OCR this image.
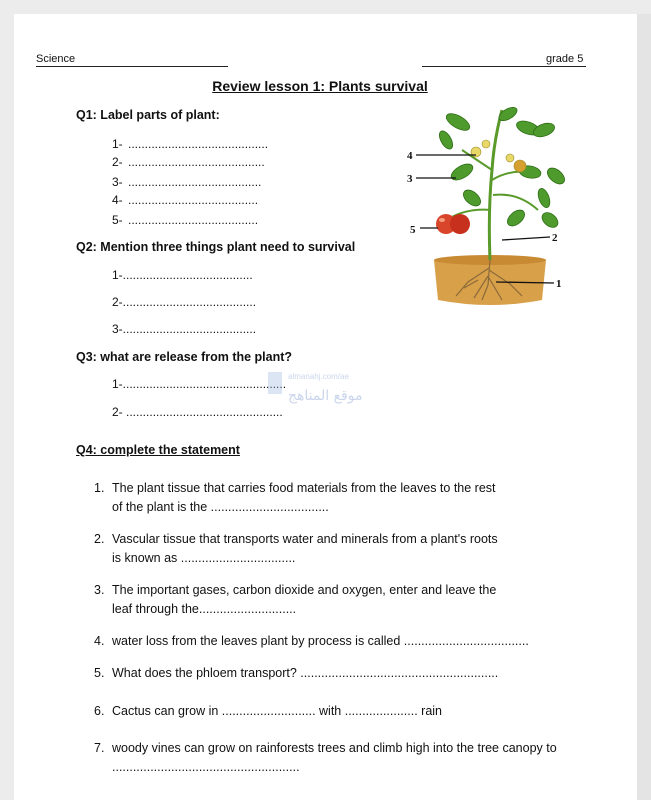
Science	grade 5
Review lesson 1: Plants survival
Q1: Label parts of plant:
1- ..........................................
2- .........................................
3- ........................................
4- .......................................
5- .......................................
4
3
5
2
1
Q2: Mention three things plant need to survival
1-.......................................
2-........................................
3-........................................
Q3: what are release from the plant?
1-.................................................
2- ...............................................
almanahj.com/ae
موقع المناهج
Q4: complete the statement
1. The plant tissue that carries food materials from the leaves to the rest
of the plant is the ..................................
2. Vascular tissue that transports water and minerals from a plant's roots
is known as .................................
3. The important gases, carbon dioxide and oxygen, enter and leave the
leaf through the............................
4. water loss from the leaves plant by process is called ....................................
5. What does the phloem transport? .........................................................
6. Cactus can grow in ........................... with ..................... rain
7. woody vines can grow on rainforests trees and climb high into the tree canopy to
......................................................
